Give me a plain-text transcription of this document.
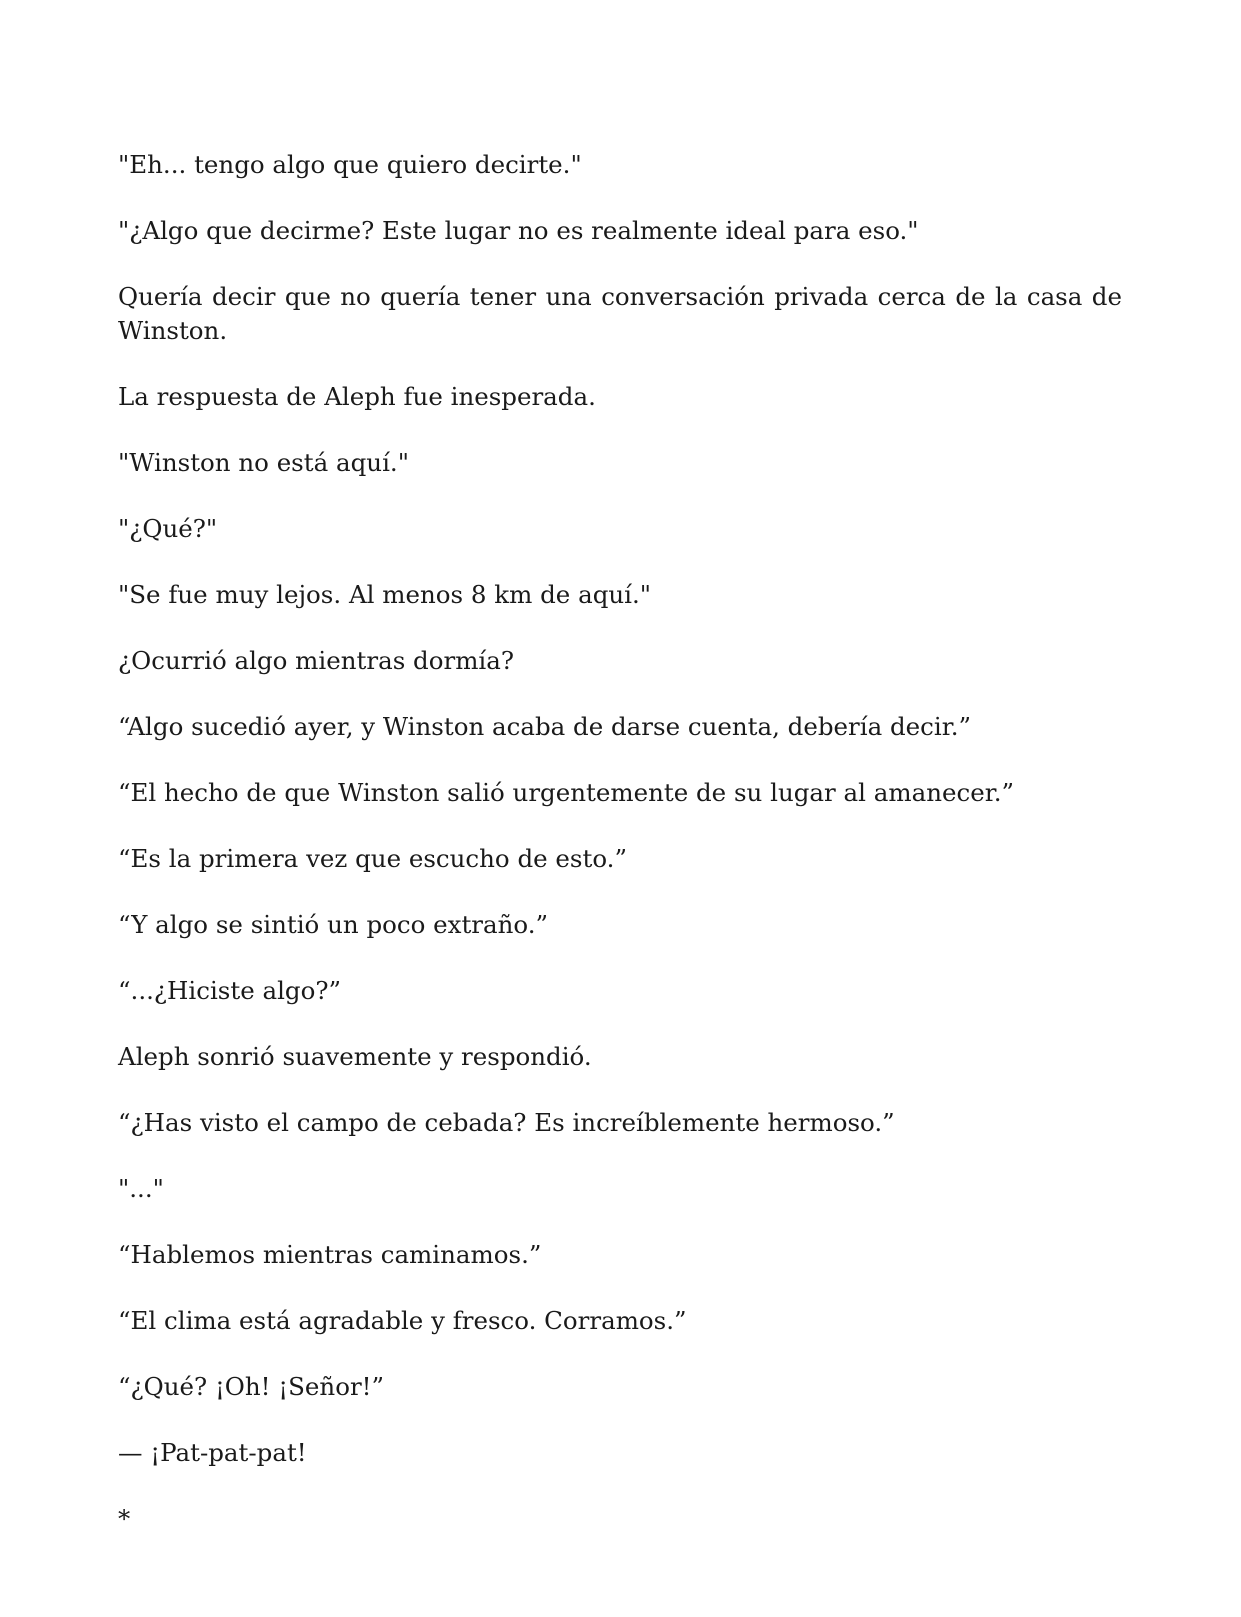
"Eh... tengo algo que quiero decirte."

"¿Algo que decirme? Este lugar no es realmente ideal para eso."

Quería decir que no quería tener una conversación privada cerca de la casa de Winston.

La respuesta de Aleph fue inesperada.

"Winston no está aquí."

"¿Qué?"

"Se fue muy lejos. Al menos 8 km de aquí."

¿Ocurrió algo mientras dormía?

“Algo sucedió ayer, y Winston acaba de darse cuenta, debería decir.”

“El hecho de que Winston salió urgentemente de su lugar al amanecer.”

“Es la primera vez que escucho de esto.”

“Y algo se sintió un poco extraño.”

“...¿Hiciste algo?”

Aleph sonrió suavemente y respondió.

“¿Has visto el campo de cebada? Es increíblemente hermoso.”

"..."

“Hablemos mientras caminamos.”

“El clima está agradable y fresco. Corramos.”

“¿Qué? ¡Oh! ¡Señor!”

— ¡Pat-pat-pat!

*
